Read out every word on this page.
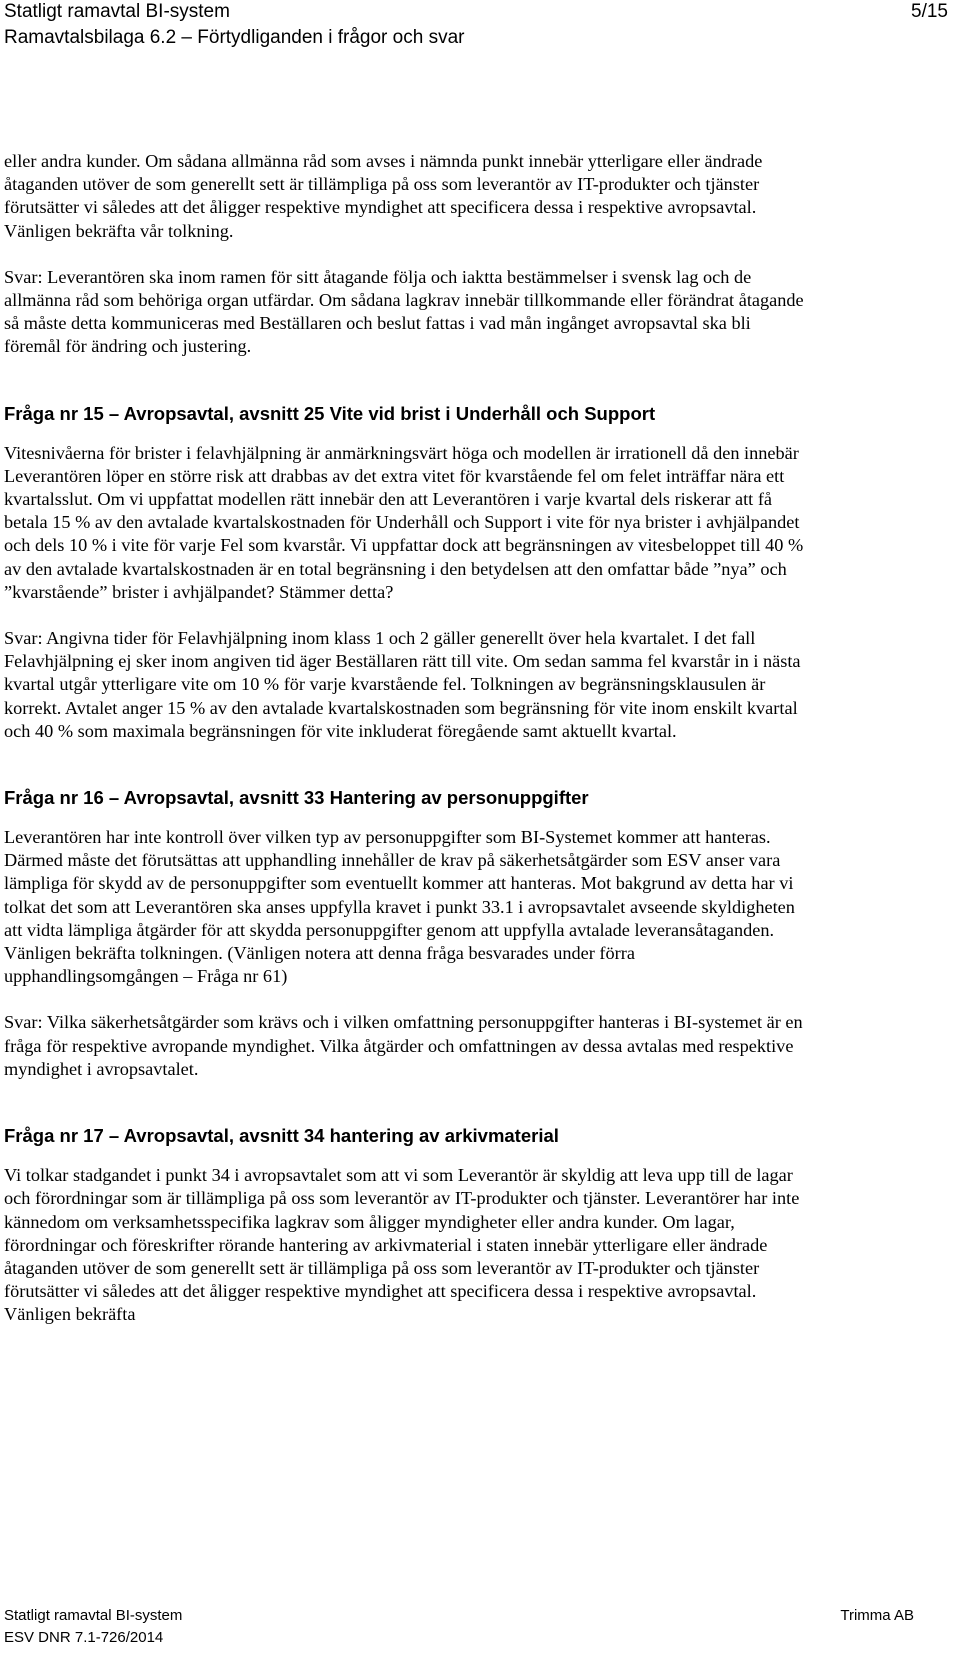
Statligt ramavtal BI-system	5/15
Ramavtalsbilaga 6.2 – Förtydliganden i frågor och svar

eller andra kunder. Om sådana allmänna råd som avses i nämnda punkt innebär ytterligare eller ändrade åtaganden utöver de som generellt sett är tillämpliga på oss som leverantör av IT-produkter och tjänster förutsätter vi således att det åligger respektive myndighet att specificera dessa i respektive avropsavtal. Vänligen bekräfta vår tolkning.

Svar: Leverantören ska inom ramen för sitt åtagande följa och iaktta bestämmelser i svensk lag och de allmänna råd som behöriga organ utfärdar. Om sådana lagkrav innebär tillkommande eller förändrat åtagande så måste detta kommuniceras med Beställaren och beslut fattas i vad mån ingånget avropsavtal ska bli föremål för ändring och justering.

Fråga nr 15 – Avropsavtal, avsnitt 25 Vite vid brist i Underhåll och Support

Vitesnivåerna för brister i felavhjälpning är anmärkningsvärt höga och modellen är irrationell då den innebär Leverantören löper en större risk att drabbas av det extra vitet för kvarstående fel om felet inträffar nära ett kvartalsslut. Om vi uppfattat modellen rätt innebär den att Leverantören i varje kvartal dels riskerar att få betala 15 % av den avtalade kvartalskostnaden för Underhåll och Support i vite för nya brister i avhjälpandet och dels 10 % i vite för varje Fel som kvarstår. Vi uppfattar dock att begränsningen av vitesbeloppet till 40 % av den avtalade kvartalskostnaden är en total begränsning i den betydelsen att den omfattar både ”nya” och ”kvarstående” brister i avhjälpandet? Stämmer detta?

Svar: Angivna tider för Felavhjälpning inom klass 1 och 2 gäller generellt över hela kvartalet. I det fall Felavhjälpning ej sker inom angiven tid äger Beställaren rätt till vite. Om sedan samma fel kvarstår in i nästa kvartal utgår ytterligare vite om 10 % för varje kvarstående fel. Tolkningen av begränsningsklausulen är korrekt. Avtalet anger 15 % av den avtalade kvartalskostnaden som begränsning för vite inom enskilt kvartal och 40 % som maximala begränsningen för vite inkluderat föregående samt aktuellt kvartal.

Fråga nr 16 – Avropsavtal, avsnitt 33 Hantering av personuppgifter

Leverantören har inte kontroll över vilken typ av personuppgifter som BI-Systemet kommer att hanteras. Därmed måste det förutsättas att upphandling innehåller de krav på säkerhetsåtgärder som ESV anser vara lämpliga för skydd av de personuppgifter som eventuellt kommer att hanteras. Mot bakgrund av detta har vi tolkat det som att Leverantören ska anses uppfylla kravet i punkt 33.1 i avropsavtalet avseende skyldigheten att vidta lämpliga åtgärder för att skydda personuppgifter genom att uppfylla avtalade leveransåtaganden. Vänligen bekräfta tolkningen. (Vänligen notera att denna fråga besvarades under förra upphandlingsomgången – Fråga nr 61)

Svar: Vilka säkerhetsåtgärder som krävs och i vilken omfattning personuppgifter hanteras i BI-systemet är en fråga för respektive avropande myndighet. Vilka åtgärder och omfattningen av dessa avtalas med respektive myndighet i avropsavtalet.

Fråga nr 17 – Avropsavtal, avsnitt 34 hantering av arkivmaterial

Vi tolkar stadgandet i punkt 34 i avropsavtalet som att vi som Leverantör är skyldig att leva upp till de lagar och förordningar som är tillämpliga på oss som leverantör av IT-produkter och tjänster. Leverantörer har inte kännedom om verksamhetsspecifika lagkrav som åligger myndigheter eller andra kunder. Om lagar, förordningar och föreskrifter rörande hantering av arkivmaterial i staten innebär ytterligare eller ändrade åtaganden utöver de som generellt sett är tillämpliga på oss som leverantör av IT-produkter och tjänster förutsätter vi således att det åligger respektive myndighet att specificera dessa i respektive avropsavtal. Vänligen bekräfta

Statligt ramavtal BI-system	Trimma AB
ESV DNR 7.1-726/2014
